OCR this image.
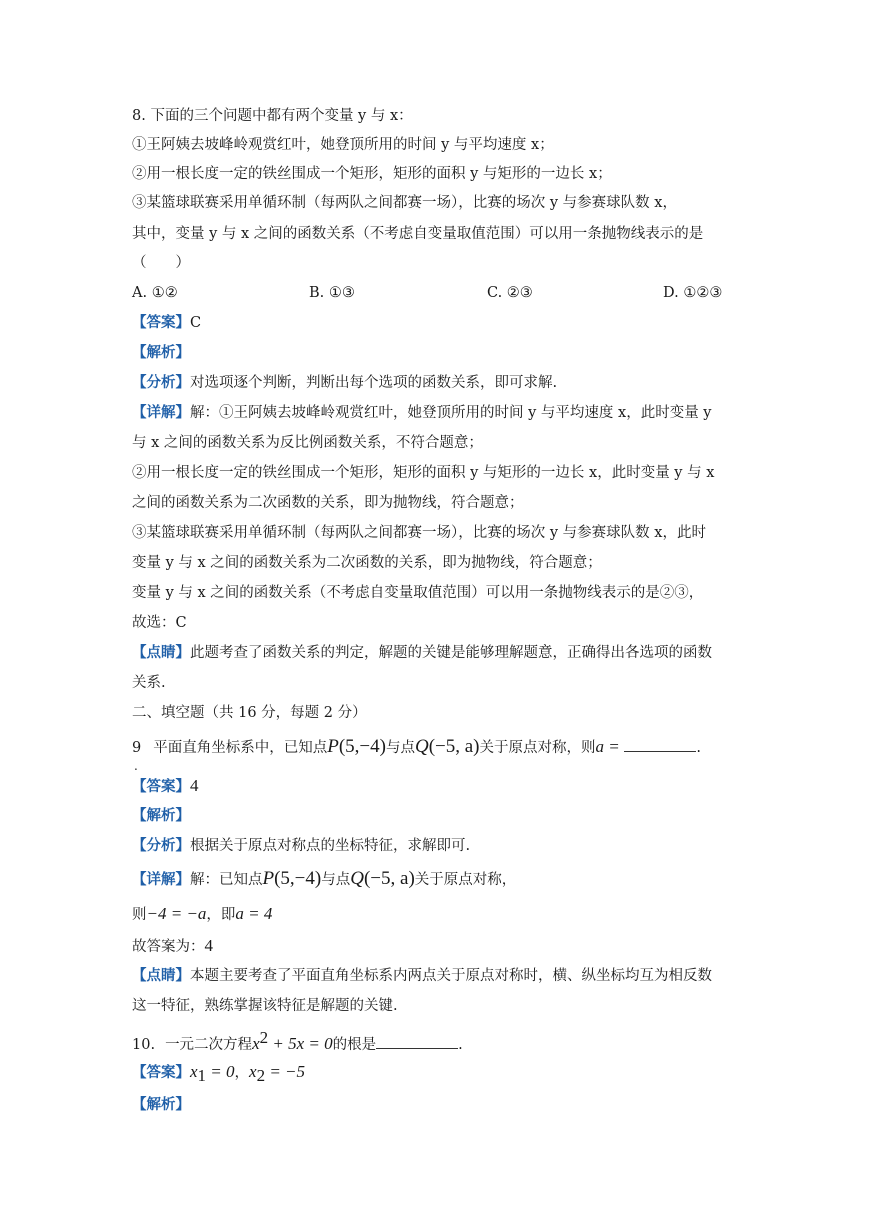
8. 下面的三个问题中都有两个变量 y 与 x：
①王阿姨去坡峰岭观赏红叶，她登顶所用的时间 y 与平均速度 x；
②用一根长度一定的铁丝围成一个矩形，矩形的面积 y 与矩形的一边长 x；
③某篮球联赛采用单循环制（每两队之间都赛一场），比赛的场次 y 与参赛球队数 x，
其中，变量 y 与 x 之间的函数关系（不考虑自变量取值范围）可以用一条抛物线表示的是
（　　）
A. ①②	B. ①③	C. ②③	D. ①②③
【答案】C
【解析】
【分析】对选项逐个判断，判断出每个选项的函数关系，即可求解.
【详解】解：①王阿姨去坡峰岭观赏红叶，她登顶所用的时间 y 与平均速度 x，此时变量 y
与 x 之间的函数关系为反比例函数关系，不符合题意；
②用一根长度一定的铁丝围成一个矩形，矩形的面积 y 与矩形的一边长 x，此时变量 y 与 x
之间的函数关系为二次函数的关系，即为抛物线，符合题意；
③某篮球联赛采用单循环制（每两队之间都赛一场），比赛的场次 y 与参赛球队数 x，此时
变量 y 与 x 之间的函数关系为二次函数的关系，即为抛物线，符合题意；
变量 y 与 x 之间的函数关系（不考虑自变量取值范围）可以用一条抛物线表示的是②③，
故选：C
【点睛】此题考查了函数关系的判定，解题的关键是能够理解题意，正确得出各选项的函数
关系.
二、填空题（共 16 分，每题 2 分）
9 平面直角坐标系中，已知点P(5,−4)与点Q(−5, a)关于原点对称，则a =	.
.
【答案】4
【解析】
【分析】根据关于原点对称点的坐标特征，求解即可.
【详解】解：已知点P(5,−4)与点Q(−5, a)关于原点对称，
则−4 = −a，即a = 4
故答案为：4
【点睛】本题主要考查了平面直角坐标系内两点关于原点对称时，横、纵坐标均互为相反数
这一特征，熟练掌握该特征是解题的关键.
10. 一元二次方程$x^2 + 5x = 0$的根是	.
【答案】$x_1 = 0$，$x_2 = -5$
【解析】
